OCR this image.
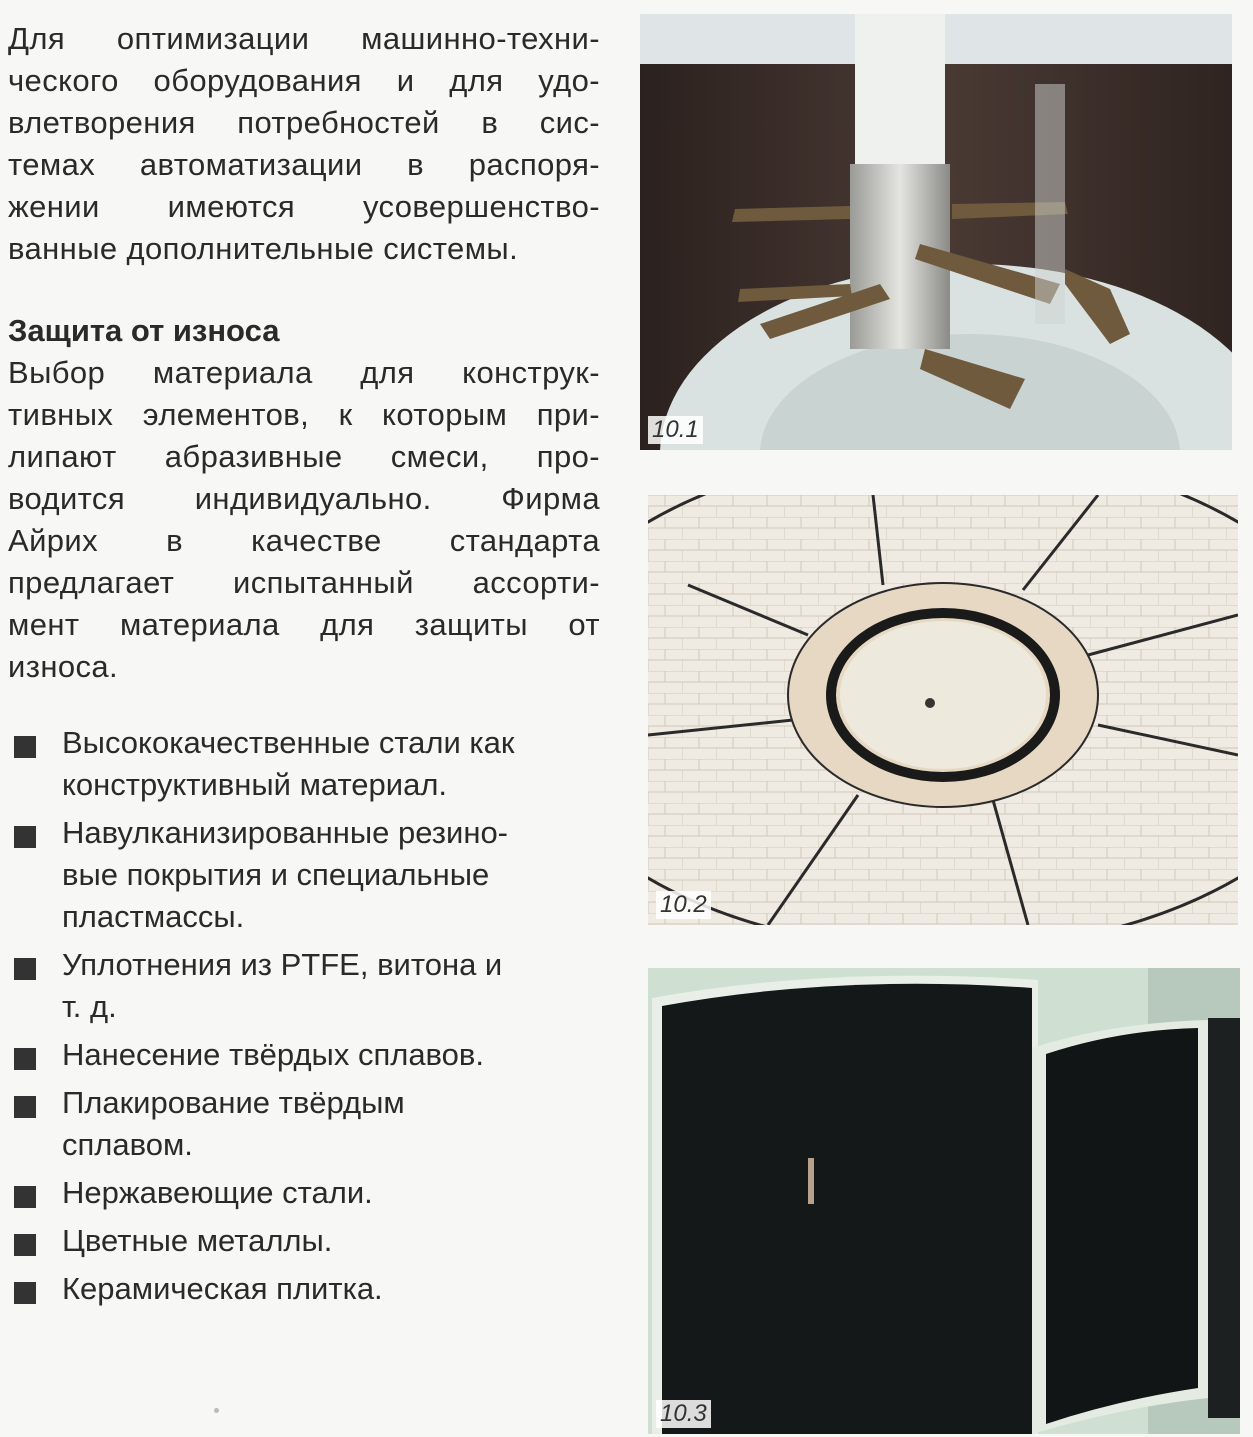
Для оптимизации машинно-техни-
ческого оборудования и для удо-
влетворения потребностей в сис-
темах автоматизации в распоря-
жении имеются усовершенство-
ванные дополнительные системы.

Защита от износа

Выбор материала для конструк-
тивных элементов, к которым при-
липают абразивные смеси, про-
водится индивидуально. Фирма
Айрих в качестве стандарта
предлагает испытанный ассорти-
мент материала для защиты от
износа.

Высококачественные стали как
конструктивный материал.
Навулканизированные резино-
вые покрытия и специальные
пластмассы.
Уплотнения из PTFE, витона и
т. д.
Нанесение твёрдых сплавов.
Плакирование твёрдым
сплавом.
Нержавеющие стали.
Цветные металлы.
Керамическая плитка.
10.1
10.2
10.3
